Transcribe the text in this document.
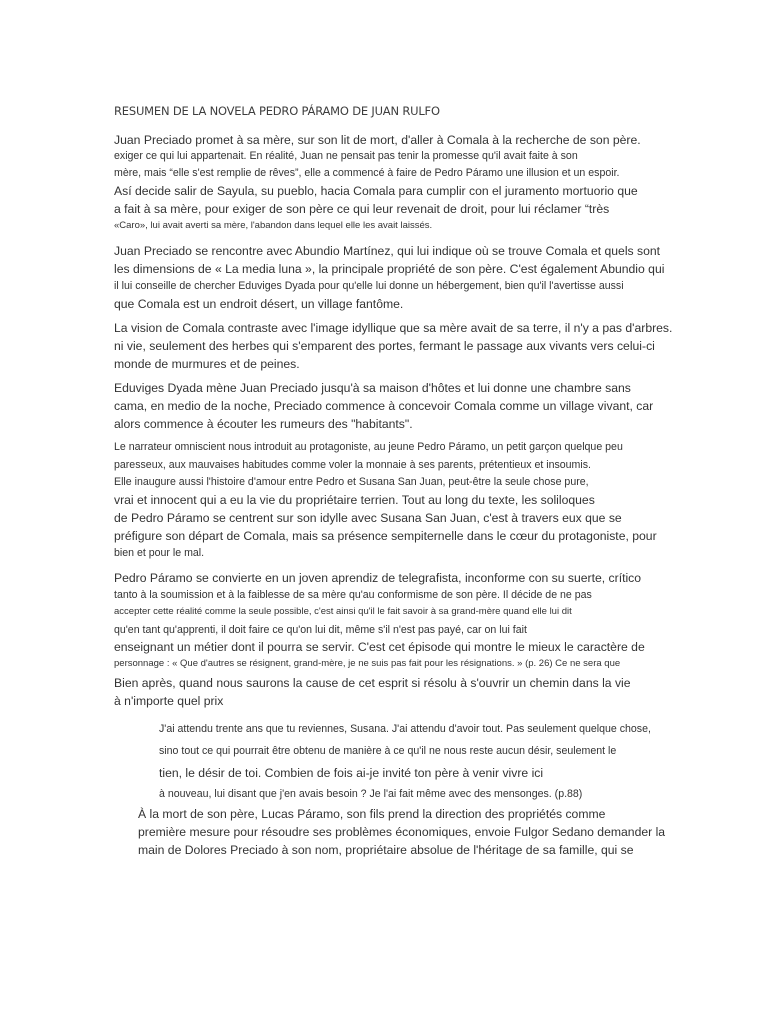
RESUMEN DE LA NOVELA PEDRO PÁRAMO DE JUAN RULFO
Juan Preciado promet à sa mère, sur son lit de mort, d'aller à Comala à la recherche de son père.
exiger ce qui lui appartenait. En réalité, Juan ne pensait pas tenir la promesse qu'il avait faite à son
mère, mais “elle s'est remplie de rêves”, elle a commencé à faire de Pedro Páramo une illusion et un espoir.
Así decide salir de Sayula, su pueblo, hacia Comala para cumplir con el juramento mortuorio que
a fait à sa mère, pour exiger de son père ce qui leur revenait de droit, pour lui réclamer “très
«Caro», lui avait averti sa mère, l'abandon dans lequel elle les avait laissés.
Juan Preciado se rencontre avec Abundio Martínez, qui lui indique où se trouve Comala et quels sont
les dimensions de « La media luna », la principale propriété de son père. C'est également Abundio qui
il lui conseille de chercher Eduviges Dyada pour qu'elle lui donne un hébergement, bien qu'il l'avertisse aussi
que Comala est un endroit désert, un village fantôme.
La vision de Comala contraste avec l'image idyllique que sa mère avait de sa terre, il n'y a pas d'arbres.
ni vie, seulement des herbes qui s'emparent des portes, fermant le passage aux vivants vers celui-ci
monde de murmures et de peines.
Eduviges Dyada mène Juan Preciado jusqu'à sa maison d'hôtes et lui donne une chambre sans
cama, en medio de la noche, Preciado commence à concevoir Comala comme un village vivant, car
alors commence à écouter les rumeurs des "habitants".
Le narrateur omniscient nous introduit au protagoniste, au jeune Pedro Páramo, un petit garçon quelque peu
paresseux, aux mauvaises habitudes comme voler la monnaie à ses parents, prétentieux et insoumis.
Elle inaugure aussi l'histoire d'amour entre Pedro et Susana San Juan, peut-être la seule chose pure,
vrai et innocent qui a eu la vie du propriétaire terrien. Tout au long du texte, les soliloques
de Pedro Páramo se centrent sur son idylle avec Susana San Juan, c'est à travers eux que se
préfigure son départ de Comala, mais sa présence sempiternelle dans le cœur du protagoniste, pour
bien et pour le mal.
Pedro Páramo se convierte en un joven aprendiz de telegrafista, inconforme con su suerte, crítico
tanto à la soumission et à la faiblesse de sa mère qu'au conformisme de son père. Il décide de ne pas
accepter cette réalité comme la seule possible, c'est ainsi qu'il le fait savoir à sa grand-mère quand elle lui dit
qu'en tant qu'apprenti, il doit faire ce qu'on lui dit, même s'il n'est pas payé, car on lui fait
enseignant un métier dont il pourra se servir. C'est cet épisode qui montre le mieux le caractère de
personnage : « Que d'autres se résignent, grand-mère, je ne suis pas fait pour les résignations. » (p. 26) Ce ne sera que
Bien après, quand nous saurons la cause de cet esprit si résolu à s'ouvrir un chemin dans la vie
à n'importe quel prix
J'ai attendu trente ans que tu reviennes, Susana. J'ai attendu d'avoir tout. Pas seulement quelque chose,
sino tout ce qui pourrait être obtenu de manière à ce qu'il ne nous reste aucun désir, seulement le
tien, le désir de toi. Combien de fois ai-je invité ton père à venir vivre ici
à nouveau, lui disant que j'en avais besoin ? Je l'ai fait même avec des mensonges. (p.88)
À la mort de son père, Lucas Páramo, son fils prend la direction des propriétés comme
première mesure pour résoudre ses problèmes économiques, envoie Fulgor Sedano demander la
main de Dolores Preciado à son nom, propriétaire absolue de l'héritage de sa famille, qui se
